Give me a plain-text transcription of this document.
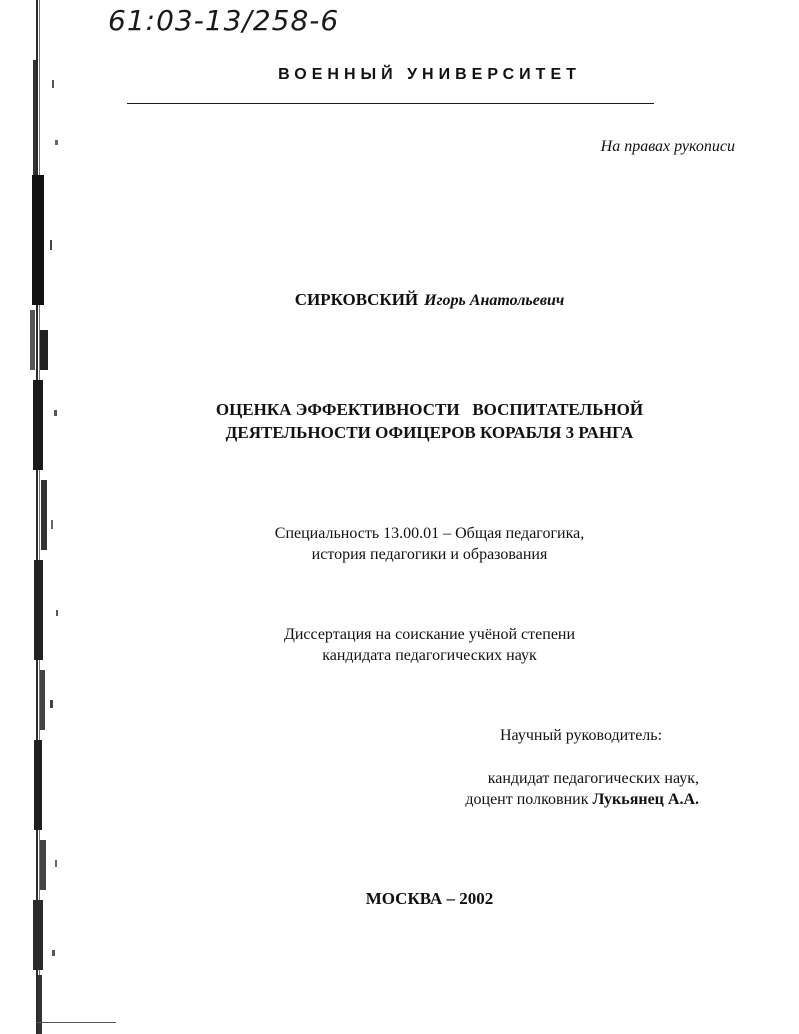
61:03-13/258-6
ВОЕННЫЙ УНИВЕРСИТЕТ
На правах рукописи
СИРКОВСКИЙ Игорь Анатольевич
ОЦЕНКА ЭФФЕКТИВНОСТИ   ВОСПИТАТЕЛЬНОЙ
ДЕЯТЕЛЬНОСТИ ОФИЦЕРОВ КОРАБЛЯ 3 РАНГА
Специальность 13.00.01 – Общая педагогика,
история педагогики и образования
Диссертация на соискание учёной степени
кандидата педагогических наук
Научный руководитель:
кандидат педагогических наук,
доцент полковник Лукьянец А.А.
МОСКВА – 2002
